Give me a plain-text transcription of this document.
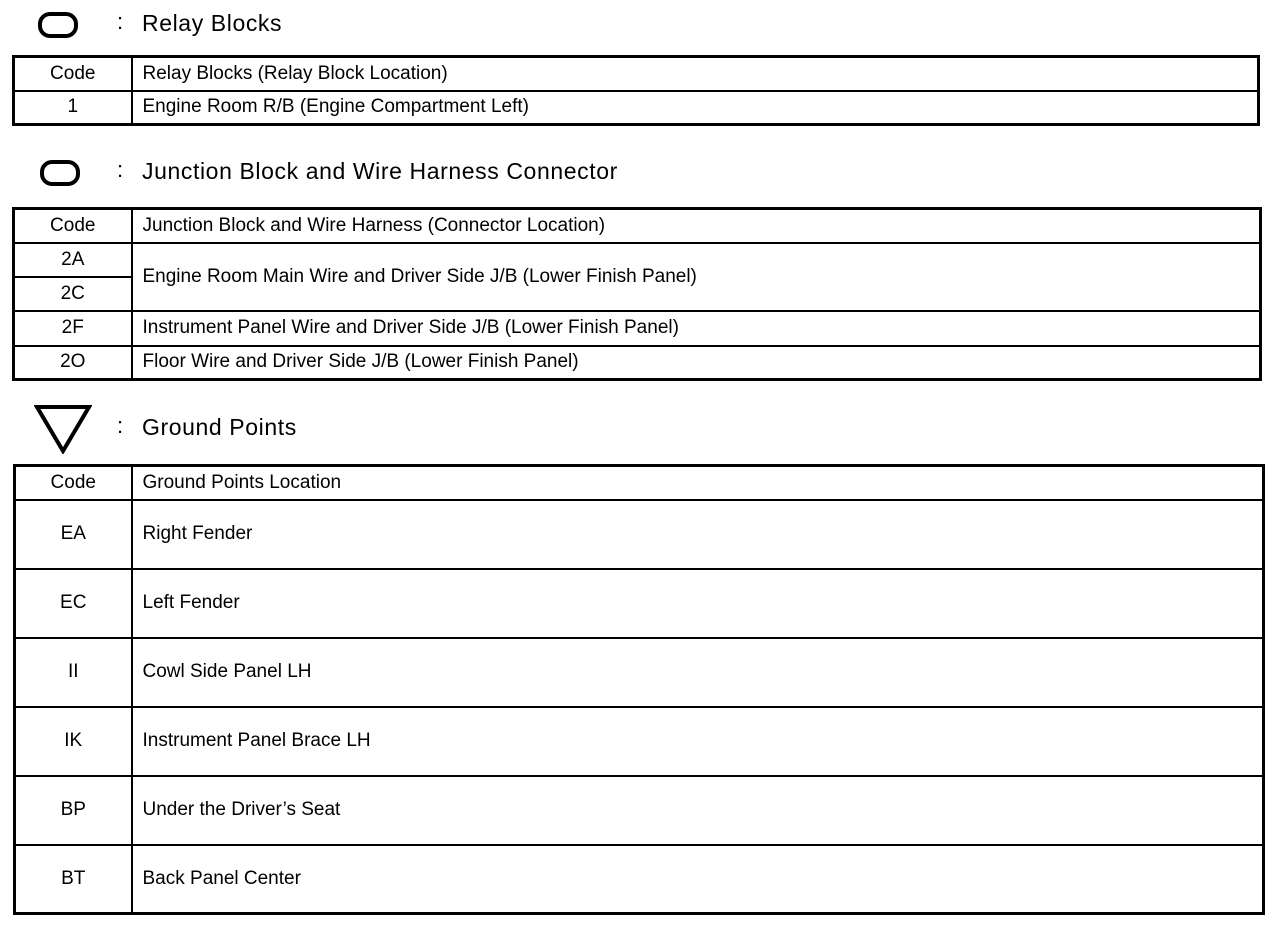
: Relay Blocks
Code	Relay Blocks (Relay Block Location)
1	Engine Room R/B (Engine Compartment Left)
: Junction Block and Wire Harness Connector
Code	Junction Block and Wire Harness (Connector Location)
2A	Engine Room Main Wire and Driver Side J/B (Lower Finish Panel)
2C	
2F	Instrument Panel Wire and Driver Side J/B (Lower Finish Panel)
2O	Floor Wire and Driver Side J/B (Lower Finish Panel)
: Ground Points
Code	Ground Points Location
EA	Right Fender
EC	Left Fender
II	Cowl Side Panel LH
IK	Instrument Panel Brace LH
BP	Under the Driver’s Seat
BT	Back Panel Center
